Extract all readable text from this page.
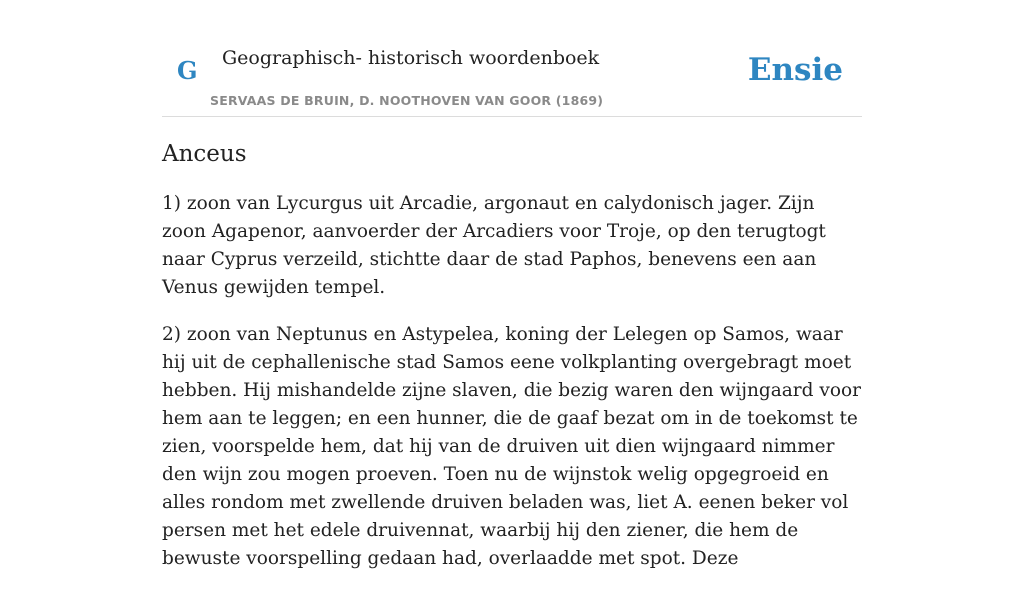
G Geographisch- historisch woordenboek
SERVAAS DE BRUIN, D. NOOTHOVEN VAN GOOR (1869)
Ensie
Anceus

1) zoon van Lycurgus uit Arcadie, argonaut en calydonisch jager. Zijn zoon Agapenor, aanvoerder der Arcadiers voor Troje, op den terugtogt naar Cyprus verzeild, stichtte daar de stad Paphos, benevens een aan Venus gewijden tempel.

2) zoon van Neptunus en Astypelea, koning der Lelegen op Samos, waar hij uit de cephallenische stad Samos eene volkplanting overgebragt moet hebben. Hij mishandelde zijne slaven, die bezig waren den wijngaard voor hem aan te leggen; en een hunner, die de gaaf bezat om in de toekomst te zien, voorspelde hem, dat hij van de druiven uit dien wijngaard nimmer den wijn zou mogen proeven. Toen nu de wijnstok welig opgegroeid en alles rondom met zwellende druiven beladen was, liet A. eenen beker vol persen met het edele druivennat, waarbij hij den ziener, die hem de bewuste voorspelling gedaan had, overlaadde met spot. Deze
